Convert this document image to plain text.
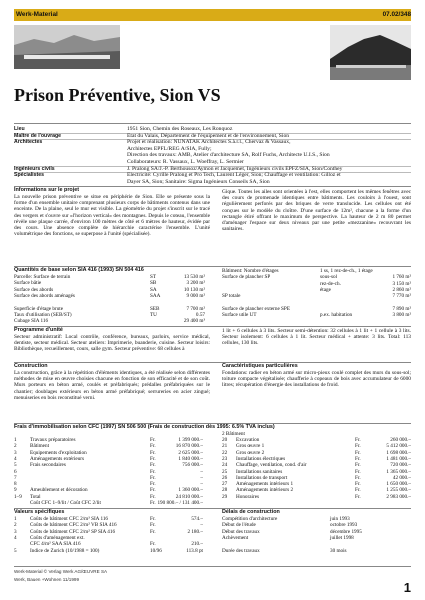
Werk-Material	07.02/348
Prison Préventive, Sion VS
Lieu	1951 Sion, Chemin des Roseaux, Les Ronquoz
Maître de l'ouvrage	Etat du Valais, Département de l'équipement et de l'environnement, Sion
Architectes	Projet et réalisation: NUNATAK Architectes S.à.r.l., Chervaz & Vassaux,
Architectes EPFL/REG A/SIA, Fully;
Direction des travaux: AMB, Atelier d'architecture SA, Rolf Fuchs, Architecte U.I.S., Sion
Collaborateurs: R. Vassaux, L. Woeffray, L. Sermier
Ingénieurs civils	J. Pralong SA/J.-P. Berthousoz/Aymon et Jacquemet, Ingénieurs civils EPFZ/SIA, Sion/Conthey
Spécialistes	Electricité: Cyrille Pralong et Pro Tech, Laurent Léger, Sion; Chauffage et ventilation: Gilloz et
Dayer SA, Sion; Sanitaire: Sigma Ingénieurs Conseils SA, Sion
Informations sur le projet

La nouvelle prison préventive se situe en périphérie de Sion. Elle se présente sous la forme d'un ensemble unitaire comprenant plusieurs corps de bâtiments contenus dans une enceinte. De la plaine, seul le mur est visible. La géométrie du projet s'inscrit sur le tracé des vergers et s'ouvre sur «l'horizon vertical» des montagnes. Depuis le coteau, l'ensemble révèle une plaque carrée, d'environ 100 mètres de côté et 6 mètres de hauteur, évidée par des cours. Une absence complète de hiérarchie caractérise l'ensemble. L'unité volumétrique des fonctions, se superpose à l'unité (spécialisée).

Gique. Toutes les ailes sont orientées à l'est, elles comportent les mêmes fenêtres avec des cours de promenade identiques entre bâtiments. Les couloirs à l'ouest, sont régulièrement perforés par des briques de verre translucide. Les cellules ont été conçues sur le modèle du cloître. D'une surface de 12m², chacune a la forme d'un rectangle étiré offrant le maximum de perspective. La hauteur de 2 m 80 permet d'aménager l'espace sur deux niveaux par une petite «mezzanine» recouvrant les sanitaires.

Quantités de base selon SIA 416 (1993) SN 504 416
Parcelle: Surface de terrain	ST	13 530 m²
Surface bâtie	SB	3 200 m²
Surface des abords	SA	10 130 m²
Surface des abords aménagés	SAA	9 000 m²
Superficie d'étage brute	SEB	7 700 m²
Taux d'utilisation (SEB/ST)	TU	0.57
Cubage SIA 116	29 400 m³
Bâtiment: Nombre d'étages	1 ss, 1 rez-de-ch., 1 étage
Surface de plancher SP	sous-sol	1 760 m²
rez-de-ch.	3 150 m²
étage	2 860 m²
SP totale	7 770 m²
Surface de plancher externe SPE	7 890 m²
Surface utile UT	p.ex. habitation	3 800 m²
Programme d'unité

Secteur administratif: Local contrôle, conférence, bureaux, parloirs, service médical, dentiste, secteur médical. Secteur ateliers: Imprimerie, buanderie, cuisine. Secteur loisirs: Bibliothèque, recueillement, cours, salle gym. Secteur préventive: 68 cellules à

1 lit + 6 cellules à 3 lits. Secteur semi-détention: 32 cellules à 1 lit + 1 cellule à 3 lits. Secteur isolement: 6 cellules à 1 lit. Secteur médical + attente: 3 lits. Total: 113 cellules, 130 lits.

Construction

La construction, grâce à la répétition d'éléments identiques, a été réalisée selon différentes méthodes de mise en œuvre choisies chacune en fonction de son efficacité et de son coût. Murs porteurs en béton armé, coulés et préfabriqués; prédalles préfabriquées sur le chantier; doublages extérieurs en béton armé préfabriqué; serrureries en acier zingué; menuiseries en bois reconstitué verni.

Caractéristiques particulières

Fondations: radier en béton armé sur micro-pieux coulé complet des murs du sous-sol; toiture compacte végétalisée; chaufferie à copeaux de bois avec accumulateur de 6000 litres; récupération d'énergie des installations de froid.

Frais d'immobilisation selon CFC (1997) SN 506 500 (Frais de construction dès 1995: 6.5% TVA inclus)
2 Bâtiment
1	Travaux préparatoires	Fr.	1 399 000.–
2	Bâtiment	Fr.	16 870 000.–
3	Equipements d'exploitation	Fr.	2 625 000.–
4	Aménagements extérieurs	Fr.	1 840 000.–
5	Frais secondaires	Fr.	756 000.–
6	Fr.	–
7	Fr.	–
8	Fr.	–
9	Ameublement et décoration	Fr.	1 360 000.–
1–9 Total	Fr.	24 810 000.–
Coût CFC 1–9/lit / Coût CFC 2/lit	Fr. 190 800.– / 131 400.–
20 Excavation	Fr.	260 000.–
21 Gros œuvre 1	Fr.	5 412 000.–
22 Gros œuvre 2	Fr.	1 698 000.–
23 Installations électriques	Fr.	1 481 000.–
24 Chauffage, ventilation, cond. d'air	Fr.	720 000.–
25 Installations sanitaires	Fr.	1 365 000.–
26 Installations de transport	Fr.	42 000.–
27 Aménagements intérieurs 1	Fr.	1 650 000.–
28 Aménagements intérieurs 2	Fr.	1 255 000.–
29 Honoraires	Fr.	2 983 000.–
Valeurs spécifiques
1	Coûts de bâtiment CFC 2/m³ SIA 116	Fr.	574.–
2	Coûts de bâtiment CFC 2/m² VB SIA 416	Fr.	–
3	Coûts de bâtiment CFC 2/m² SP SIA 416	Fr.	2 180.–
4	Coûts d'aménagement ext.
CFC 4/m² SAA SIA 416	Fr.	210.–
5	Indice de Zurich (10/1988 = 100)	10/96	113.8 pt
Délais de construction
Compétition d'architecture	juin 1993
Début de l'étude	octobre 1993
Début des travaux	décembre 1995
Achèvement	juillet 1998
Durée des travaux	30 mois
Werk-Material © Verlag Werk AG/ŒUVRE SA
Werk, Bauen +Wohnen 11/1999
1
